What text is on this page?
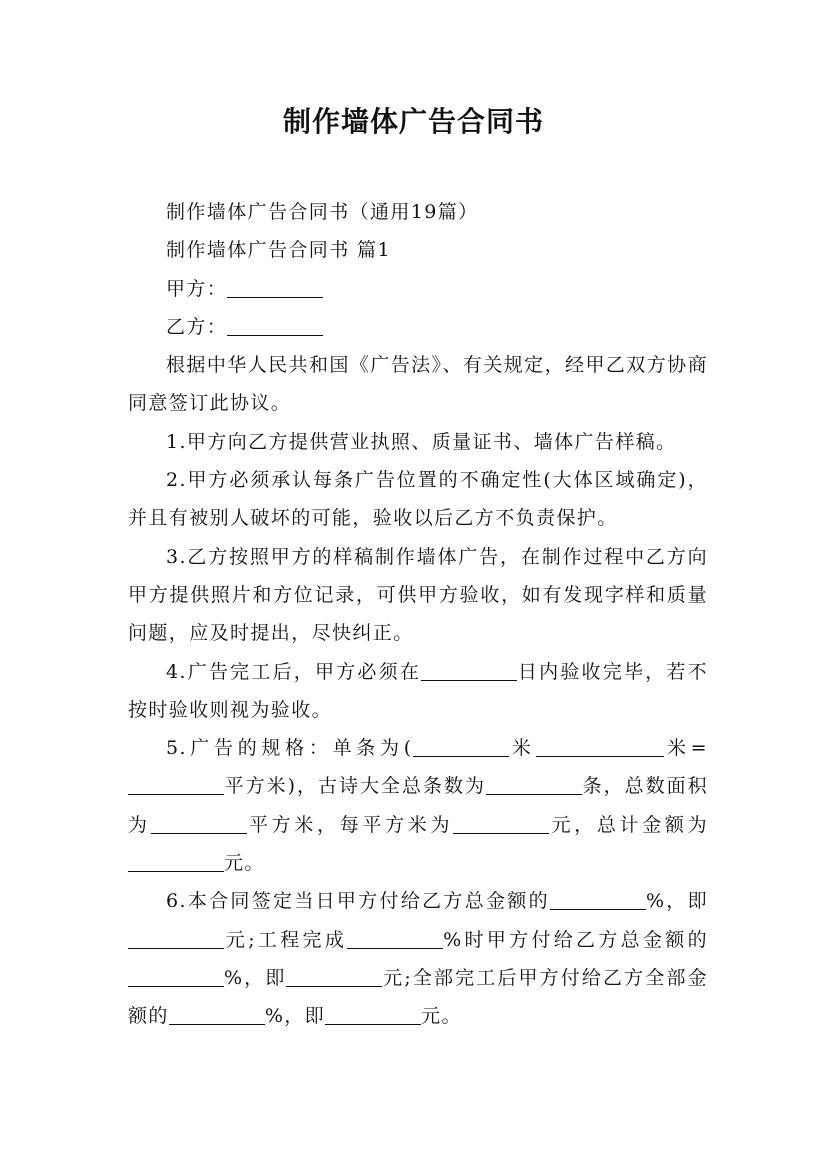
制作墙体广告合同书

制作墙体广告合同书（通用19篇）

制作墙体广告合同书 篇1

甲方：

乙方：

根据中华人民共和国《广告法》、有关规定，经甲乙双方协商同意签订此协议。

1.甲方向乙方提供营业执照、质量证书、墙体广告样稿。

2.甲方必须承认每条广告位置的不确定性(大体区域确定)，并且有被别人破坏的可能，验收以后乙方不负责保护。

3.乙方按照甲方的样稿制作墙体广告，在制作过程中乙方向甲方提供照片和方位记录，可供甲方验收，如有发现字样和质量问题，应及时提出，尽快纠正。

4.广告完工后，甲方必须在	日内验收完毕，若不按时验收则视为验收。

5.广告的规格：单条为(	米	米=平方米)，古诗大全总条数为	条，总数面积为	平方米，每平方米为	元，总计金额为元。

6.本合同签定当日甲方付给乙方总金额的	%，即元;工程完成	%时甲方付给乙方总金额的%，即	元;全部完工后甲方付给乙方全部金额的	%，即	元。
